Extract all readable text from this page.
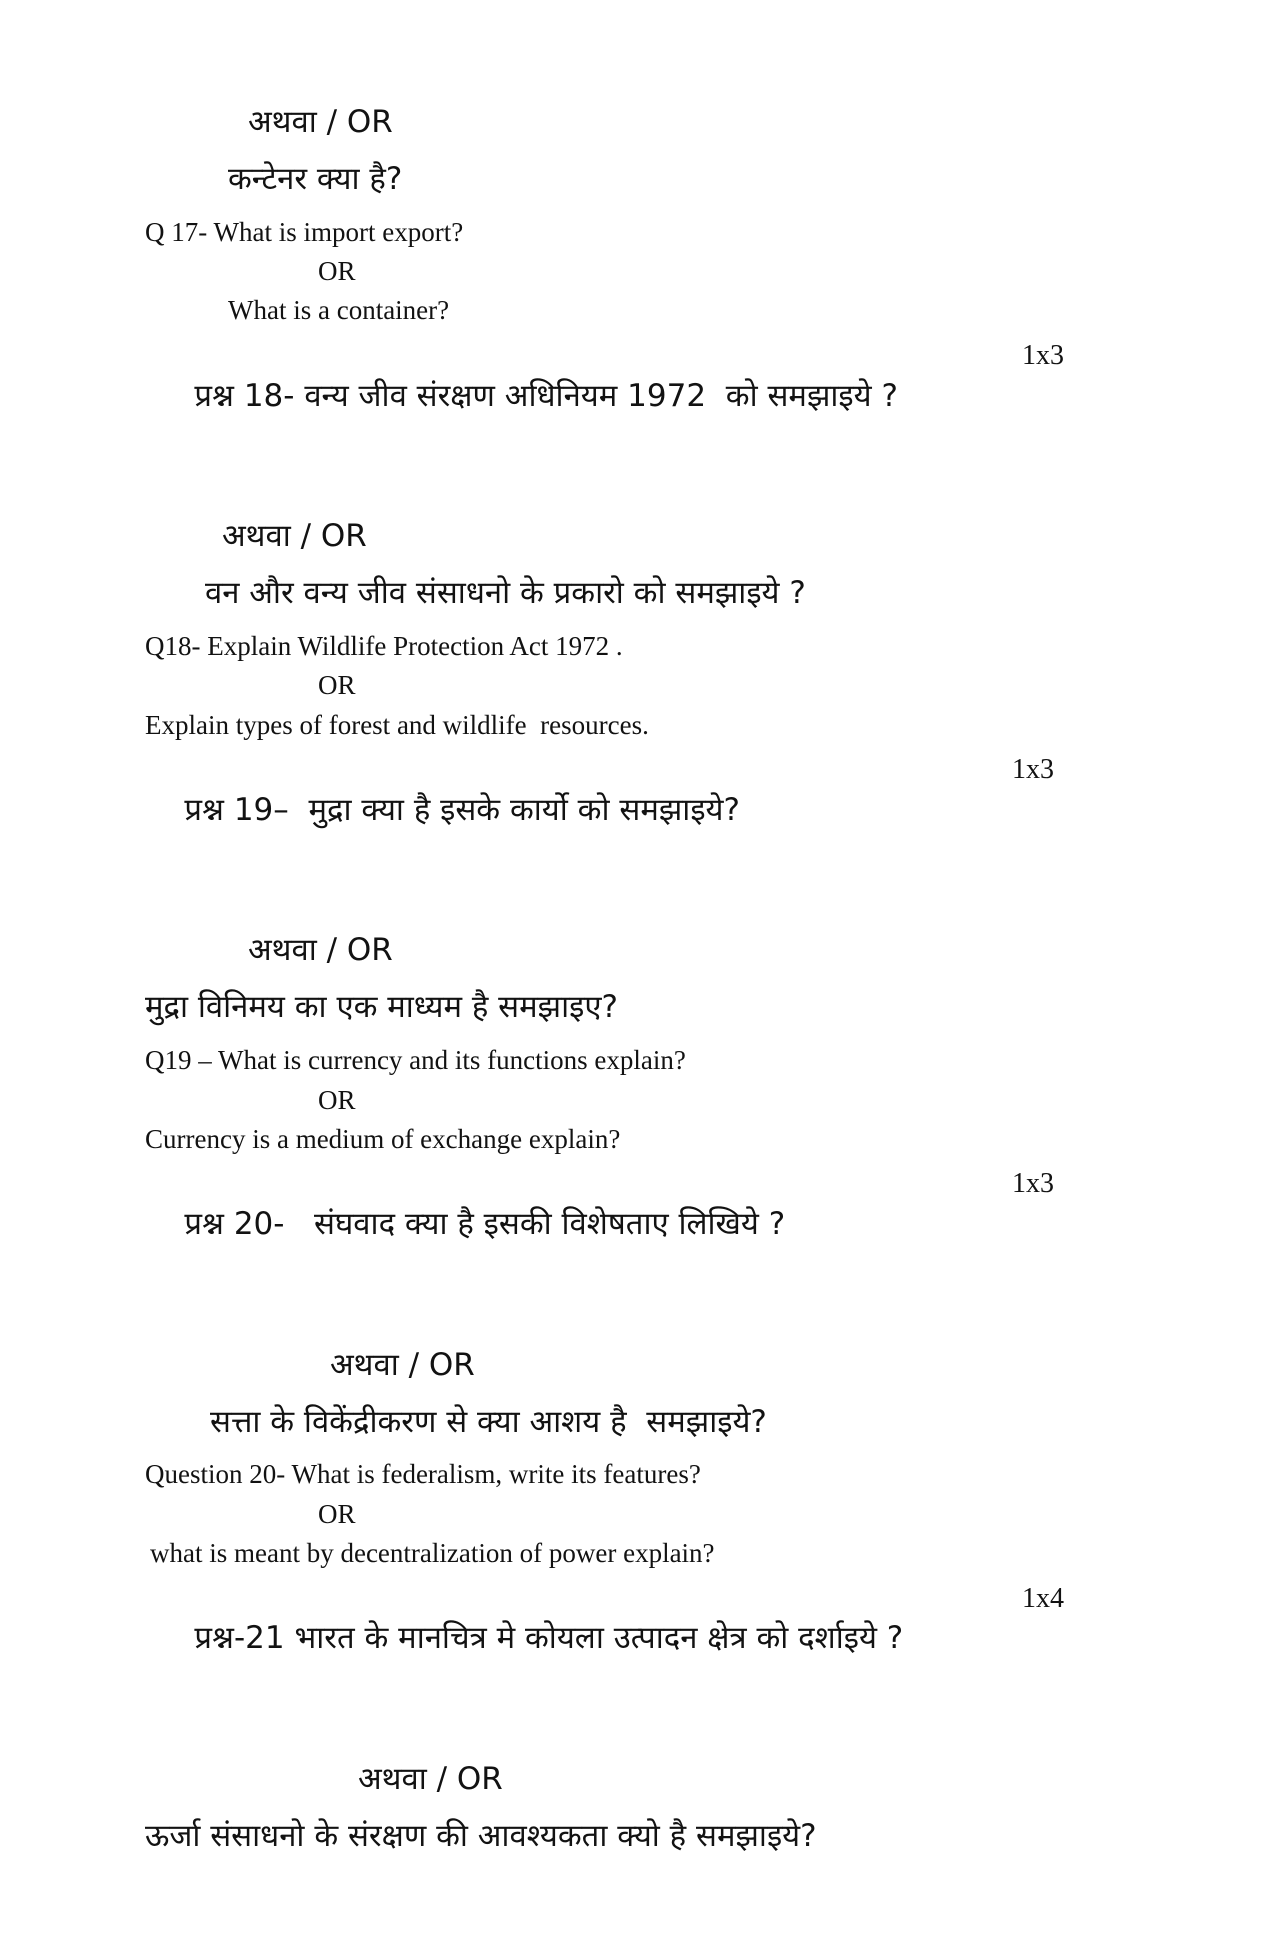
अथवा / OR
कन्टेनर क्या है?
Q 17- What is import export?
OR
What is a container?

प्रश्न 18- वन्य जीव संरक्षण अधिनियम 1972  को समझाइये ?

1x3

अथवा / OR
वन और वन्य जीव संसाधनो के प्रकारो को समझाइये ?
Q18- Explain Wildlife Protection Act 1972 .
OR
Explain types of forest and wildlife  resources.

प्रश्न 19–  मुद्रा क्या है इसके कार्यो को समझाइये?

1x3

अथवा / OR
मुद्रा विनिमय का एक माध्यम है समझाइए?
Q19 – What is currency and its functions explain?
OR
Currency is a medium of exchange explain?

प्रश्न 20-   संघवाद क्या है इसकी विशेषताए लिखिये ?

1x3

अथवा / OR
सत्ता के विकेंद्रीकरण से क्या आशय है  समझाइये?
Question 20- What is federalism, write its features?
OR
what is meant by decentralization of power explain?

प्रश्न-21 भारत के मानचित्र मे कोयला उत्पादन क्षेत्र को दर्शाइये ?

1x4

अथवा / OR
ऊर्जा संसाधनो के संरक्षण की आवश्यकता क्यो है समझाइये?
